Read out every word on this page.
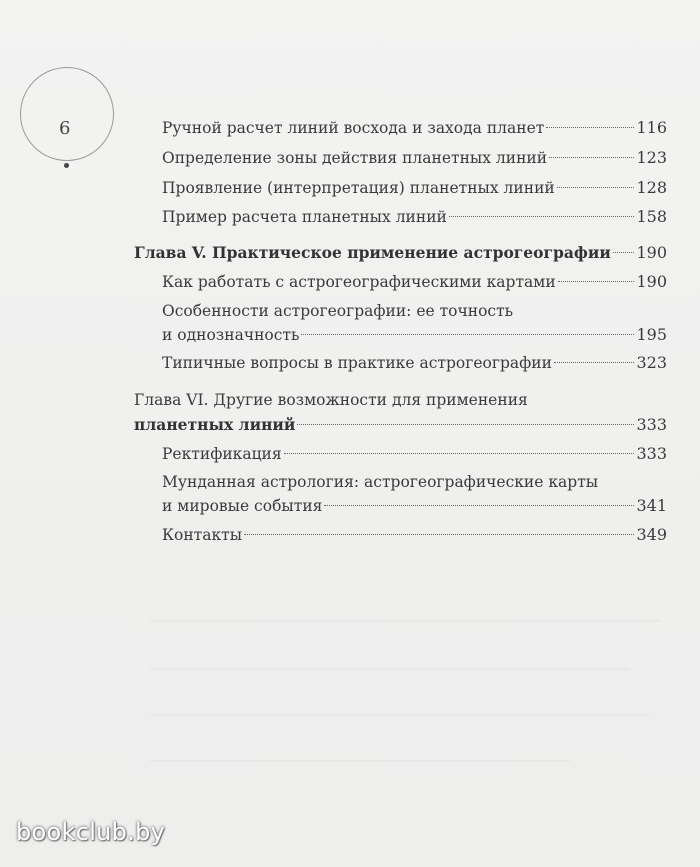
6	Ручной расчет линий восхода и захода планет	116
Определение зоны действия планетных линий	123
Проявление (интерпретация) планетных линий	128
Пример расчета планетных линий	158
Глава V. Практическое применение астрогеографии 190
Как работать с астрогеографическими картами	190
Особенности астрогеографии: ее точность
и однозначность	195
Типичные вопросы в практике астрогеографии	323
Глава VI. Другие возможности для применения
планетных линий	333
Ректификация	333
Мунданная астрология: астрогеографические карты
и мировые события	341
Контакты	349
bookclub.by
